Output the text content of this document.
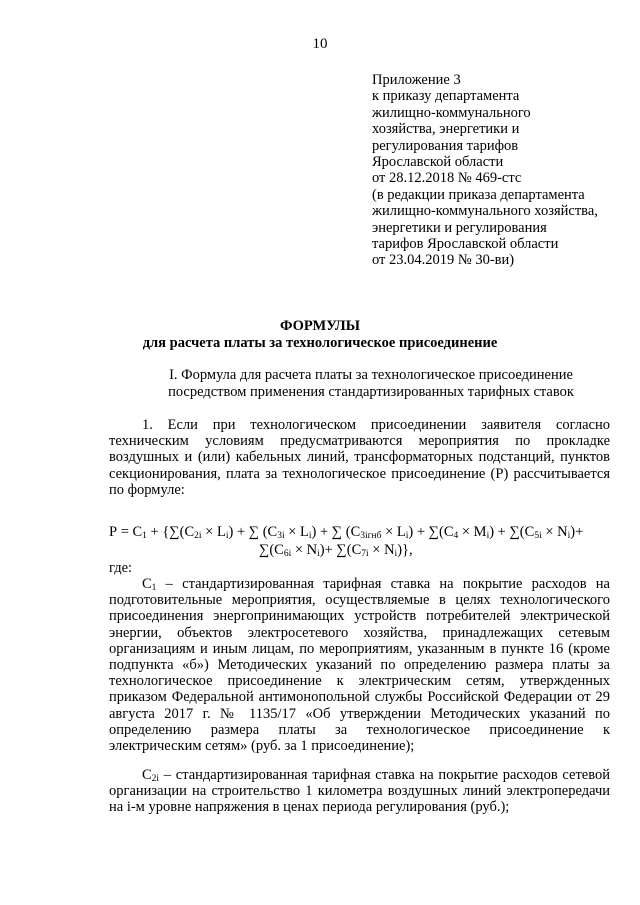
10
Приложение 3
к приказу департамента
жилищно-коммунального
хозяйства, энергетики и
регулирования тарифов
Ярославской области
от 28.12.2018 № 469-стс
(в редакции приказа департамента
жилищно-коммунального хозяйства,
энергетики и регулирования
тарифов Ярославской области
от 23.04.2019 № 30-ви)
ФОРМУЛЫ
для расчета платы за технологическое присоединение
I. Формула для расчета платы за технологическое присоединение посредством применения стандартизированных тарифных ставок
1. Если при технологическом присоединении заявителя согласно техническим условиям предусматриваются мероприятия по прокладке воздушных и (или) кабельных линий, трансформаторных подстанций, пунктов секционирования, плата за технологическое присоединение (Р) рассчитывается по формуле:
$Р = С_1 + \{\sum(С_{2i} \times L_i)$ + ∑ $(С_{3i} \times L_i)$ + ∑ $(С_{3ігнб} \times L_i) + \sum(С_4 \times M_i) + \sum(С_{5i} \times N_i)+$
$\sum(С_{6i} \times N_i)+ \sum(С_{7i} \times N_i)$},
где:
$С_1$ – стандартизированная тарифная ставка на покрытие расходов на подготовительные мероприятия, осуществляемые в целях технологического присоединения энергопринимающих устройств потребителей электрической энергии, объектов электросетевого хозяйства, принадлежащих сетевым организациям и иным лицам, по мероприятиям, указанным в пункте 16 (кроме подпункта «б») Методических указаний по определению размера платы за технологическое присоединение к электрическим сетям, утвержденных приказом Федеральной антимонопольной службы Российской Федерации от 29 августа 2017 г. № 1135/17 «Об утверждении Методических указаний по определению размера платы за технологическое присоединение к электрическим сетям» (руб. за 1 присоединение);
$С_{2i}$ – стандартизированная тарифная ставка на покрытие расходов сетевой организации на строительство 1 километра воздушных линий электропередачи на i-м уровне напряжения в ценах периода регулирования (руб.);
